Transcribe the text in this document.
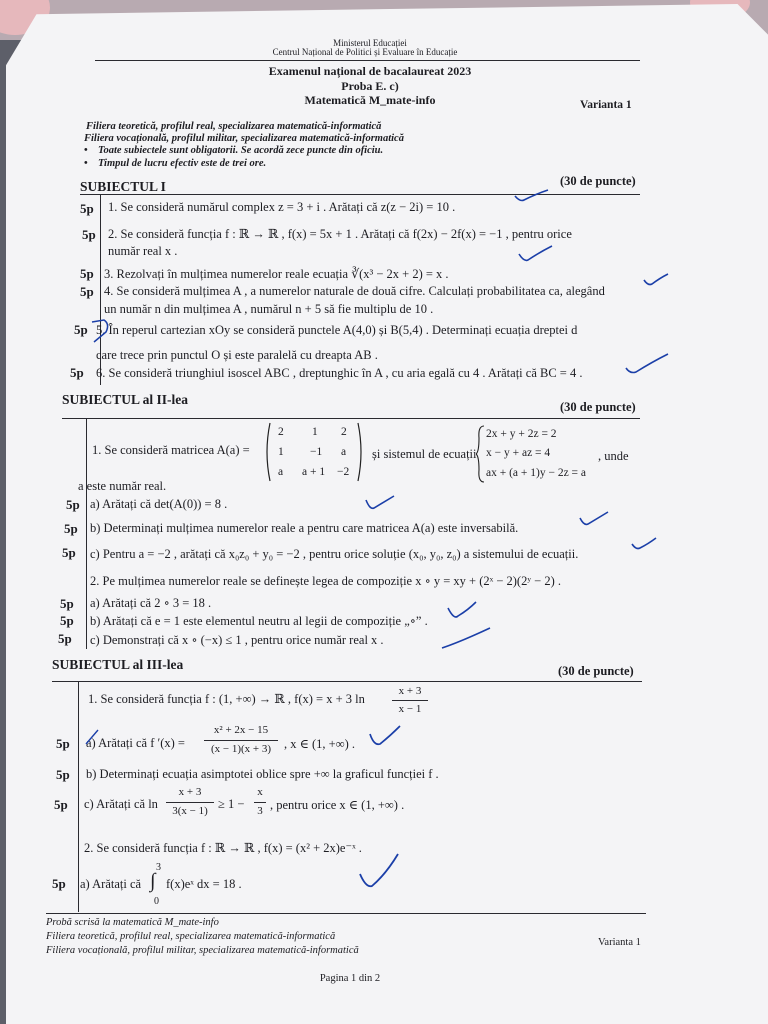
Ministerul Educației
Centrul Național de Politici și Evaluare în Educație
Examenul național de bacalaureat 2023
Proba E. c)
Matematică M_mate-info	Varianta 1
Filiera teoretică, profilul real, specializarea matematică-informatică
Filiera vocațională, profilul militar, specializarea matematică-informatică
• Toate subiectele sunt obligatorii. Se acordă zece puncte din oficiu.
• Timpul de lucru efectiv este de trei ore.
SUBIECTUL I	(30 de puncte)
5p 1. Se consideră numărul complex z = 3 + i . Arătați că z(z − 2i) = 10 .
5p 2. Se consideră funcția f : ℝ → ℝ , f(x) = 5x + 1 . Arătați că f(2x) − 2f(x) = −1 , pentru orice
număr real x .
5p 3. Rezolvați în mulțimea numerelor reale ecuația ∛(x³ − 2x + 2) = x .
5p 4. Se consideră mulțimea A , a numerelor naturale de două cifre. Calculați probabilitatea ca, alegând
un număr n din mulțimea A , numărul n + 5 să fie multiplu de 10 .
5p 5. În reperul cartezian xOy se consideră punctele A(4,0) și B(5,4) . Determinați ecuația dreptei d
care trece prin punctul O și este paralelă cu dreapta AB .
5p 6. Se consideră triunghiul isoscel ABC , dreptunghic în A , cu aria egală cu 4 . Arătați că BC = 4 .
SUBIECTUL al II-lea	(30 de puncte)
1. Se consideră matricea A(a) =
2 1 2
1 −1 a
a a + 1 −2
și sistemul de ecuații
2x + y + 2z = 2
x − y + az = 4
ax + (a + 1)y − 2z = a
, unde
a este număr real.
5p a) Arătați că det(A(0)) = 8 .
5p b) Determinați mulțimea numerelor reale a pentru care matricea A(a) este inversabilă.
5p c) Pentru a = −2 , arătați că x₀z₀ + y₀ = −2 , pentru orice soluție (x₀, y₀, z₀) a sistemului de ecuații.
2. Pe mulțimea numerelor reale se definește legea de compoziție x ∘ y = xy + (2ˣ − 2)(2ʸ − 2) .
5p a) Arătați că 2 ∘ 3 = 18 .
5p b) Arătați că e = 1 este elementul neutru al legii de compoziție „∘” .
5p c) Demonstrați că x ∘ (−x) ≤ 1 , pentru orice număr real x .
SUBIECTUL al III-lea	(30 de puncte)
1. Se consideră funcția f : (1, +∞) → ℝ , f(x) = x + 3 ln
x + 3
x − 1
5p a) Arătați că f ′(x) =
x² + 2x − 15
(x − 1)(x + 3)	, x ∈ (1, +∞) .
5p b) Determinați ecuația asimptotei oblice spre +∞ la graficul funcției f .
5p c) Arătați că ln
x + 3
3(x − 1) ≥ 1 −
x
3 , pentru orice x ∈ (1, +∞) .
2. Se consideră funcția f : ℝ → ℝ , f(x) = (x² + 2x)e⁻ˣ .
5p a) Arătați că
3
∫
0
f(x)eˣ dx = 18 .
Probă scrisă la matematică M_mate-info
Filiera teoretică, profilul real, specializarea matematică-informatică
Filiera vocațională, profilul militar, specializarea matematică-informatică
Varianta 1
Pagina 1 din 2
